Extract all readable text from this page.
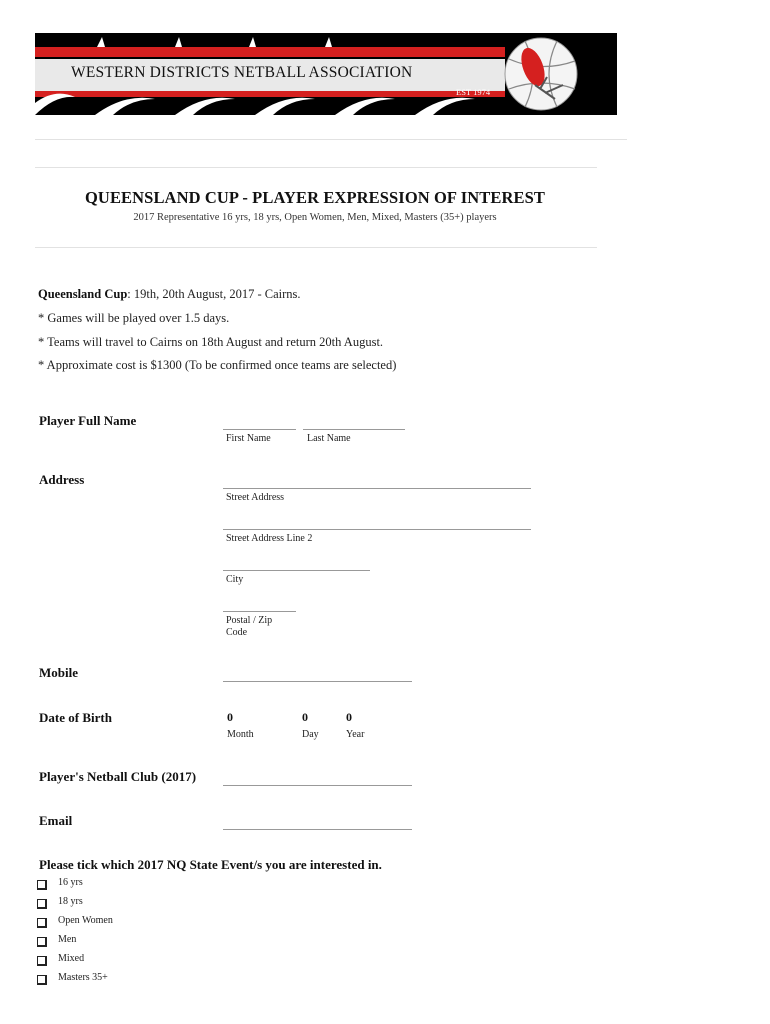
WESTERN DISTRICTS NETBALL ASSOCIATION
EST 1974
QUEENSLAND CUP - PLAYER EXPRESSION OF INTEREST
2017 Representative 16 yrs, 18 yrs, Open Women, Men, Mixed, Masters (35+) players
Queensland Cup: 19th, 20th August, 2017 - Cairns.
* Games will be played over 1.5 days.
* Teams will travel to Cairns on 18th August and return 20th August.
* Approximate cost is $1300 (To be confirmed once teams are selected)
Player Full Name
First Name	Last Name
Address
Street Address
Street Address Line 2
City
Postal / Zip
Code
Mobile
Date of Birth	0	0	0
Month	Day	Year
Player's Netball Club (2017)
Email
Please tick which 2017 NQ State Event/s you are interested in.
16 yrs
18 yrs
Open Women
Men
Mixed
Masters 35+
